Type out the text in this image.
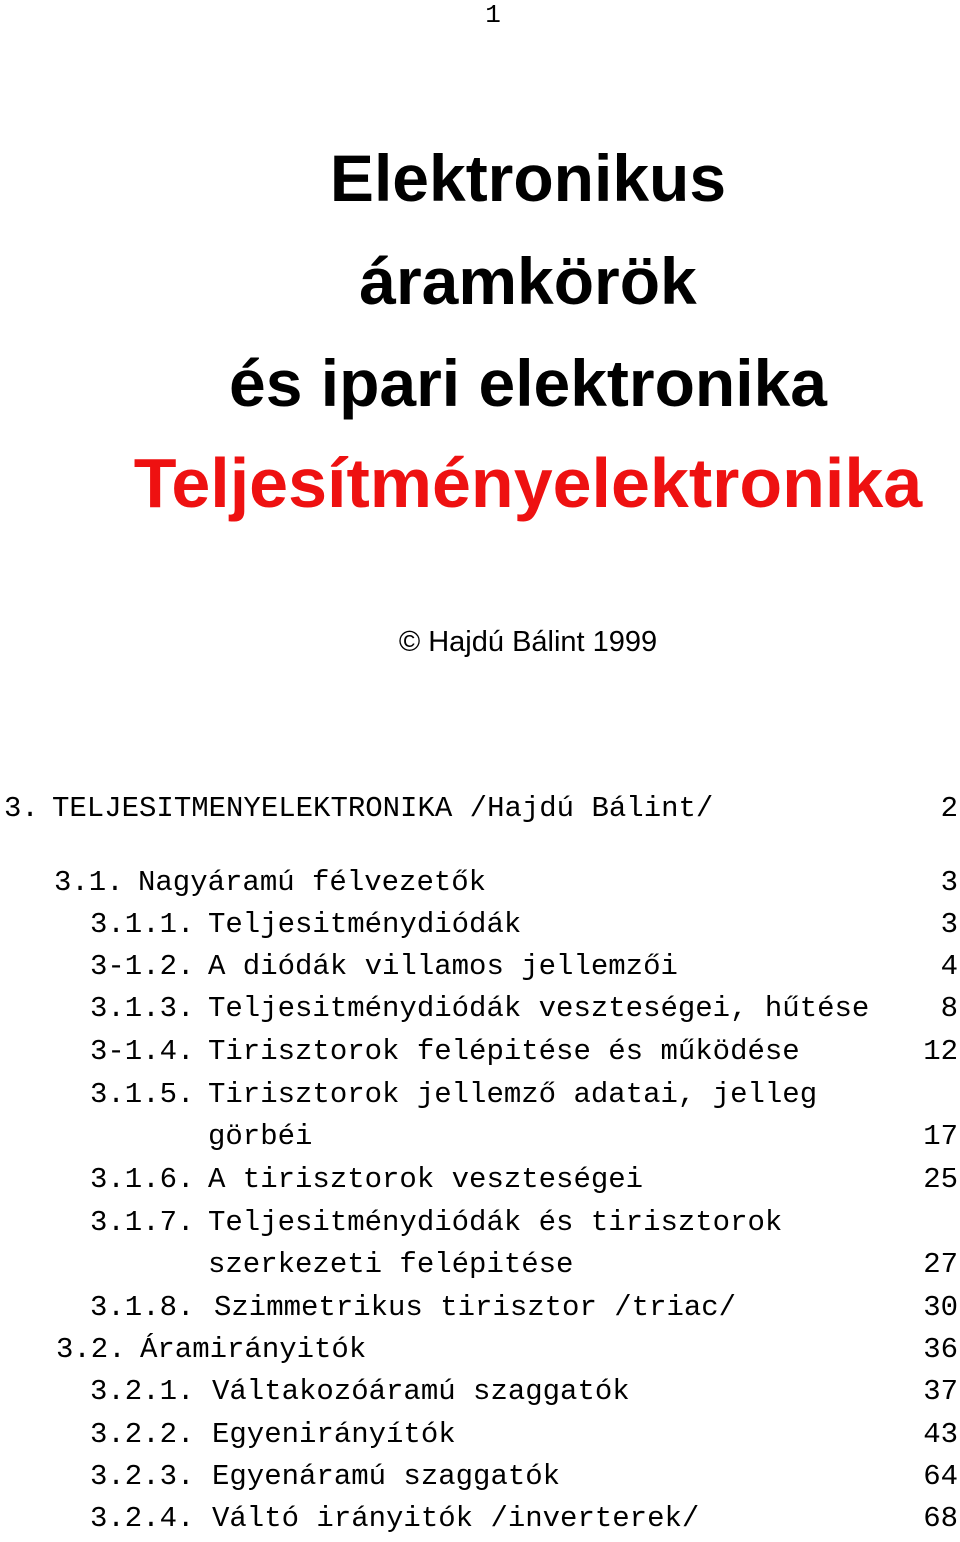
1
Elektronikus
áramkörök
és ipari elektronika
Teljesítményelektronika
© Hajdú Bálint 1999
3. TELJESITMENYELEKTRONIKA /Hajdú Bálint/	2
3.1. Nagyáramú félvezetők	3
3.1.1. Teljesitménydiódák	3
3-1.2. A diódák villamos jellemzői	4
3.1.3. Teljesitménydiódák veszteségei, hűtése 8
3-1.4. Tirisztorok felépitése és működése	12
3.1.5. Tirisztorok jellemző adatai, jelleg
görbéi	17
3.1.6. A tirisztorok veszteségei	25
3.1.7. Teljesitménydiódák és tirisztorok
szerkezeti felépitése	27
3.1.8. Szimmetrikus tirisztor /triac/	30
3.2. Áramirányitók	36
3.2.1. Váltakozóáramú szaggatók	37
3.2.2. Egyenirányítók	43
3.2.3. Egyenáramú szaggatók	64
3.2.4. Váltó irányitók /inverterek/	68
